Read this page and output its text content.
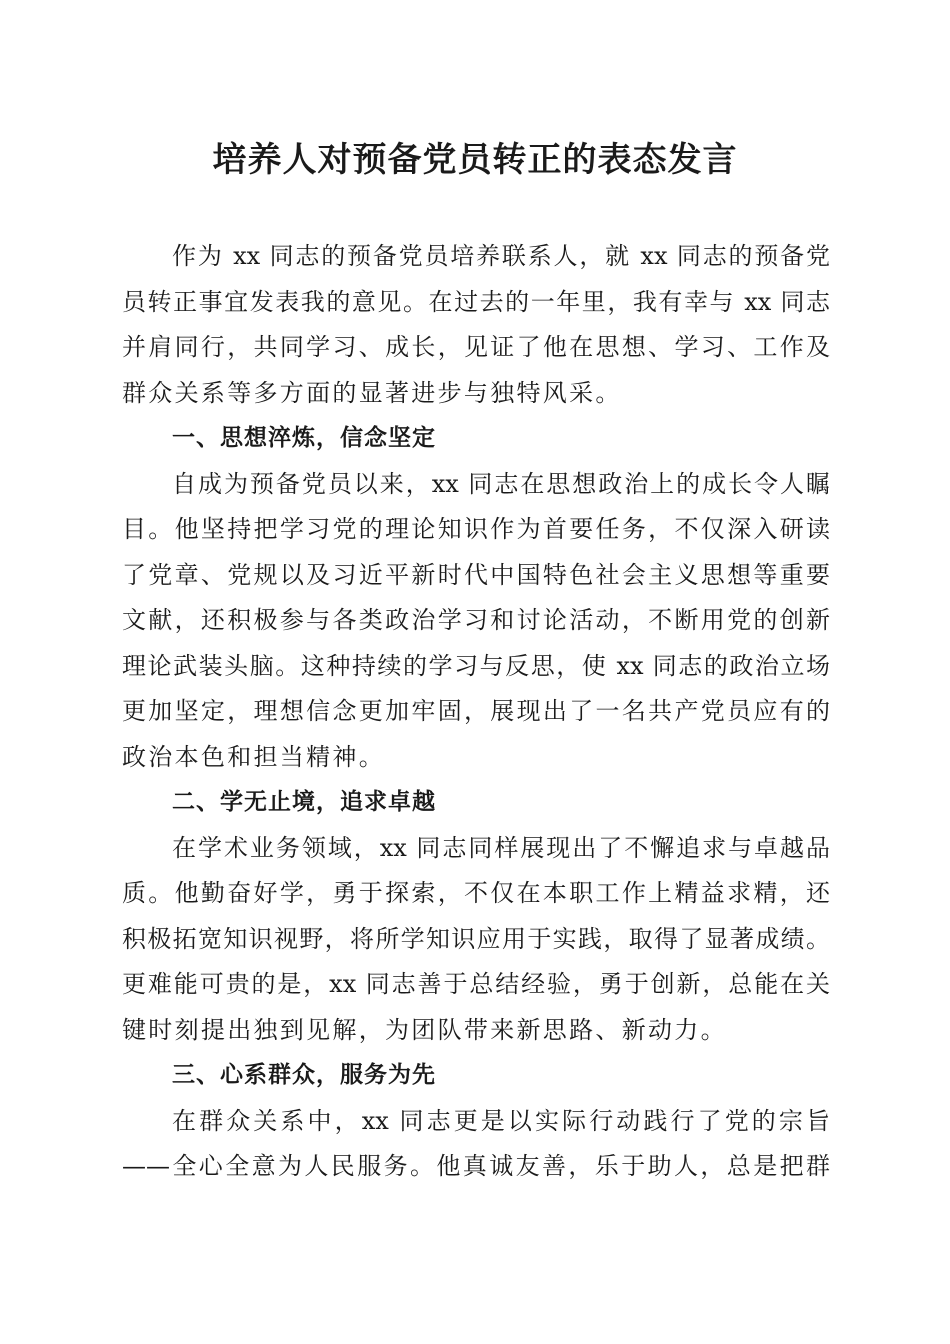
培养人对预备党员转正的表态发言
作为 xx 同志的预备党员培养联系人，就 xx 同志的预备党
员转正事宜发表我的意见。在过去的一年里，我有幸与 xx 同志
并肩同行，共同学习、成长，见证了他在思想、学习、工作及
群众关系等多方面的显著进步与独特风采。
一、思想淬炼，信念坚定
自成为预备党员以来，xx 同志在思想政治上的成长令人瞩
目。他坚持把学习党的理论知识作为首要任务，不仅深入研读
了党章、党规以及习近平新时代中国特色社会主义思想等重要
文献，还积极参与各类政治学习和讨论活动，不断用党的创新
理论武装头脑。这种持续的学习与反思，使 xx 同志的政治立场
更加坚定，理想信念更加牢固，展现出了一名共产党员应有的
政治本色和担当精神。
二、学无止境，追求卓越
在学术业务领域，xx 同志同样展现出了不懈追求与卓越品
质。他勤奋好学，勇于探索，不仅在本职工作上精益求精，还
积极拓宽知识视野，将所学知识应用于实践，取得了显著成绩。
更难能可贵的是，xx 同志善于总结经验，勇于创新，总能在关
键时刻提出独到见解，为团队带来新思路、新动力。
三、心系群众，服务为先
在群众关系中，xx 同志更是以实际行动践行了党的宗旨
——全心全意为人民服务。他真诚友善，乐于助人，总是把群
